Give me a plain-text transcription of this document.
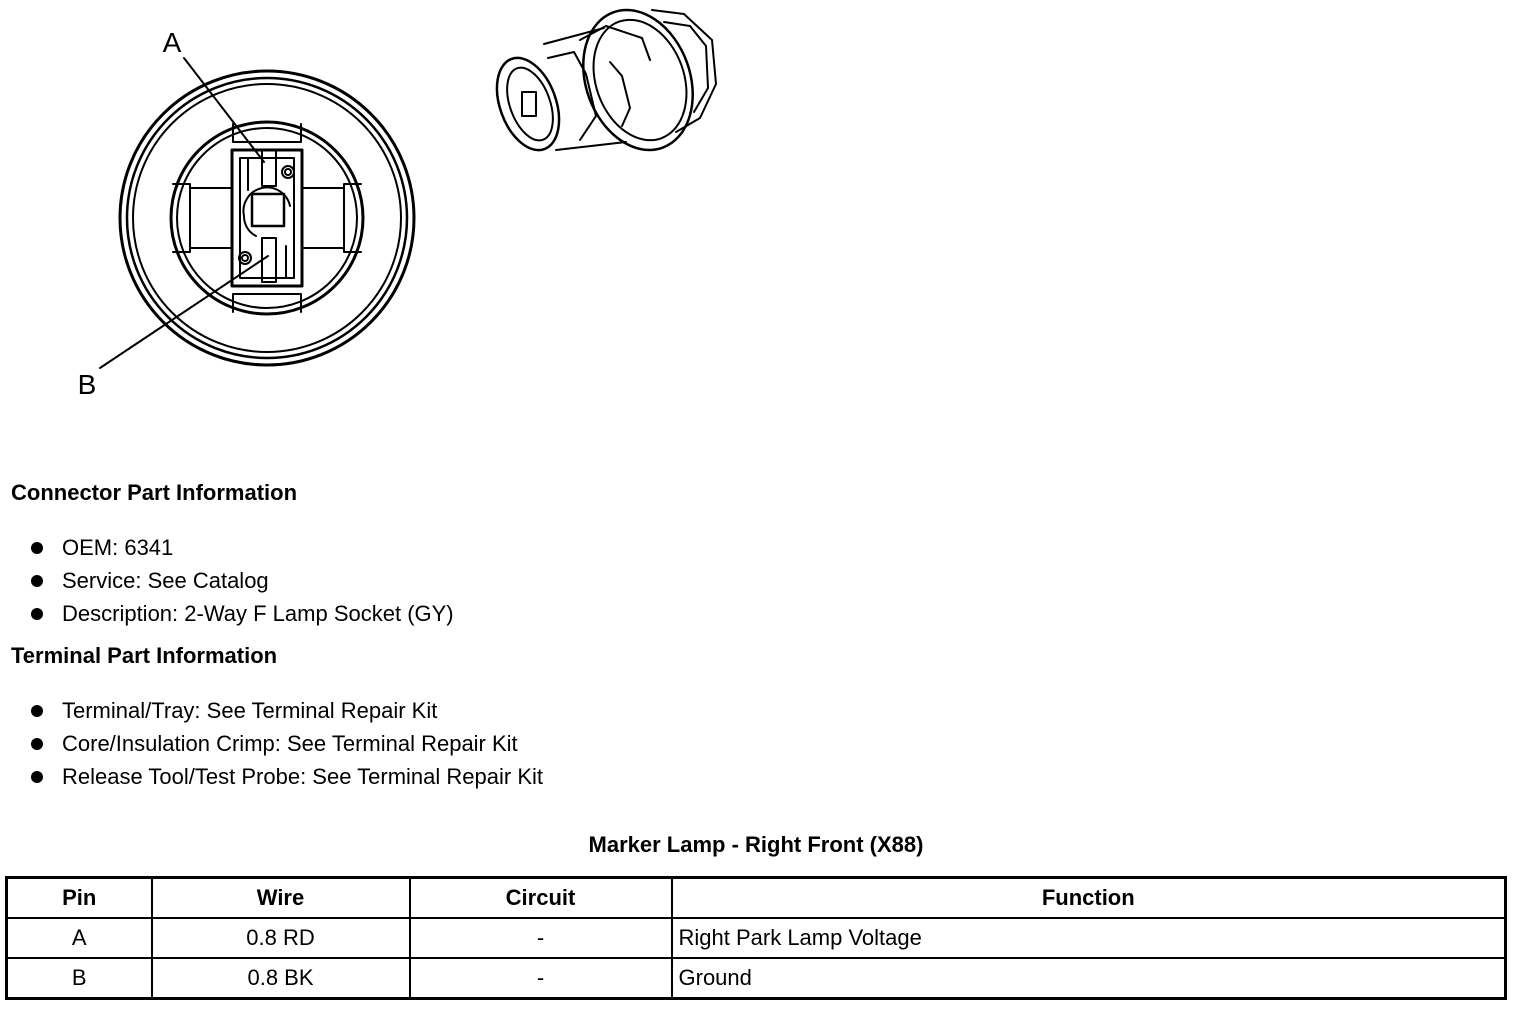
A
B
Connector Part Information
OEM: 6341
Service: See Catalog
Description: 2-Way F Lamp Socket (GY)
Terminal Part Information
Terminal/Tray: See Terminal Repair Kit
Core/Insulation Crimp: See Terminal Repair Kit
Release Tool/Test Probe: See Terminal Repair Kit
Marker Lamp - Right Front (X88)
Pin	Wire	Circuit	Function
A	0.8 RD	-	Right Park Lamp Voltage
B	0.8 BK	-	Ground
